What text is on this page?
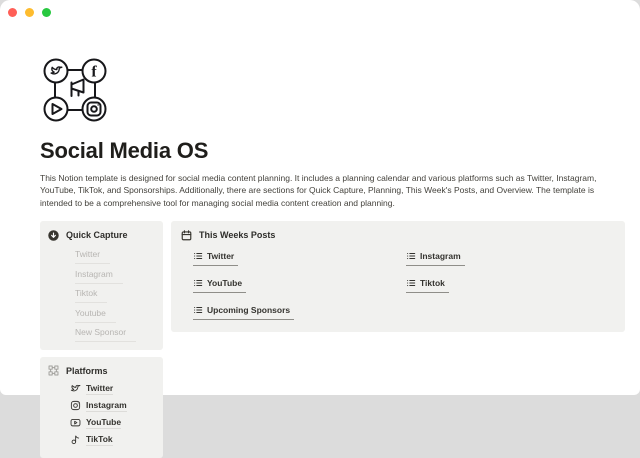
f
Social Media OS

This Notion template is designed for social media content planning. It includes a planning calendar and various platforms such as Twitter, Instagram, YouTube, TikTok, and Sponsorships. Additionally, there are sections for Quick Capture, Planning, This Week's Posts, and Overview. The template is intended to be a comprehensive tool for managing social media content creation and planning.

Quick Capture
Twitter
Instagram
Tiktok
Youtube
New Sponsor
Platforms
Twitter
Instagram
YouTube
TikTok
This Weeks Posts
Twitter	Instagram
YouTube	Tiktok
Upcoming Sponsors
